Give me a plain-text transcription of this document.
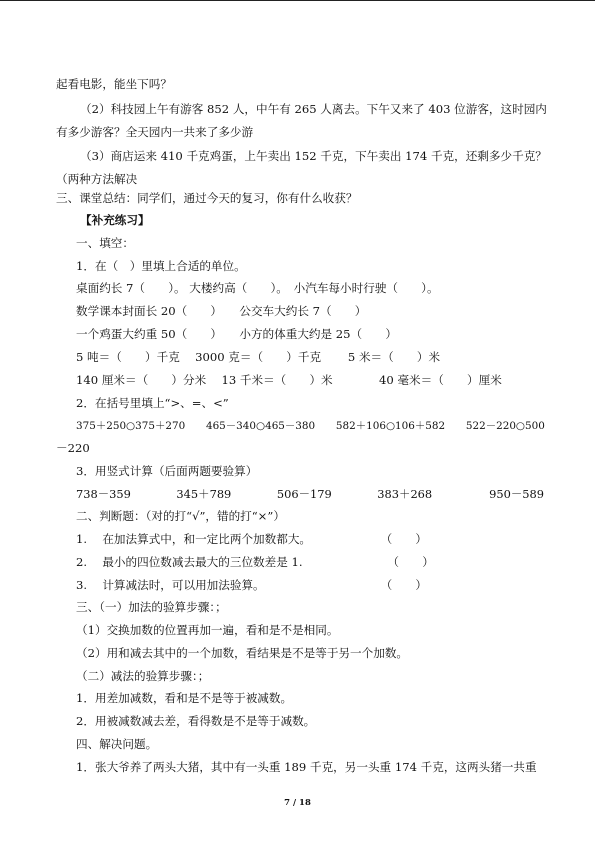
起看电影，能坐下吗？
（2）科技园上午有游客 852 人，中午有 265 人离去。下午又来了 403 位游客，这时园内
有多少游客？全天园内一共来了多少游
（3）商店运来 410 千克鸡蛋，上午卖出 152 千克，下午卖出 174 千克，还剩多少千克？
（两种方法解决
三、课堂总结：同学们，通过今天的复习，你有什么收获？
【补充练习】
一、填空：
1．在（　）里填上合适的单位。
桌面约长 7（　　）。 大楼约高（　　）。　小汽车每小时行驶（　　）。
数学课本封面长 20（　　）　　公交车大约长 7（　　）
一个鸡蛋大约重 50（　　）　　小方的体重大约是 25（　　）
5 吨＝（　　）千克　 3000 克＝（　　）千克　　 5 米＝（　　）米
140 厘米＝（　　）分米　 13 千米＝（　　）米　　　　40 毫米＝（　　）厘米
2．在括号里填上“>、=、<”
375＋250○375＋270　　465－340○465－380　　582＋106○106＋582　　522－220○500
－220
3．用竖式计算（后面两题要验算）
738－359　　　　345＋789　　　　506－179　　　　383＋268　　　　　950－589
二、判断题：（对的打“√”，错的打“×”）
1.　 在加法算式中，和一定比两个加数都大。　　　　　　　（　　）
2.　 最小的四位数减去最大的三位数差是 1.　　　　　　　 （　　）
3.　 计算减法时，可以用加法验算。　　　　　　　　　　　（　　）
三、（一）加法的验算步骤：；
（1）交换加数的位置再加一遍，看和是不是相同。
（2）用和减去其中的一个加数，看结果是不是等于另一个加数。
（二）减法的验算步骤：；
1．用差加减数，看和是不是等于被减数。
2．用被减数减去差，看得数是不是等于减数。
四、解决问题。
1．张大爷养了两头大猪，其中有一头重 189 千克，另一头重 174 千克，这两头猪一共重
7 / 18
